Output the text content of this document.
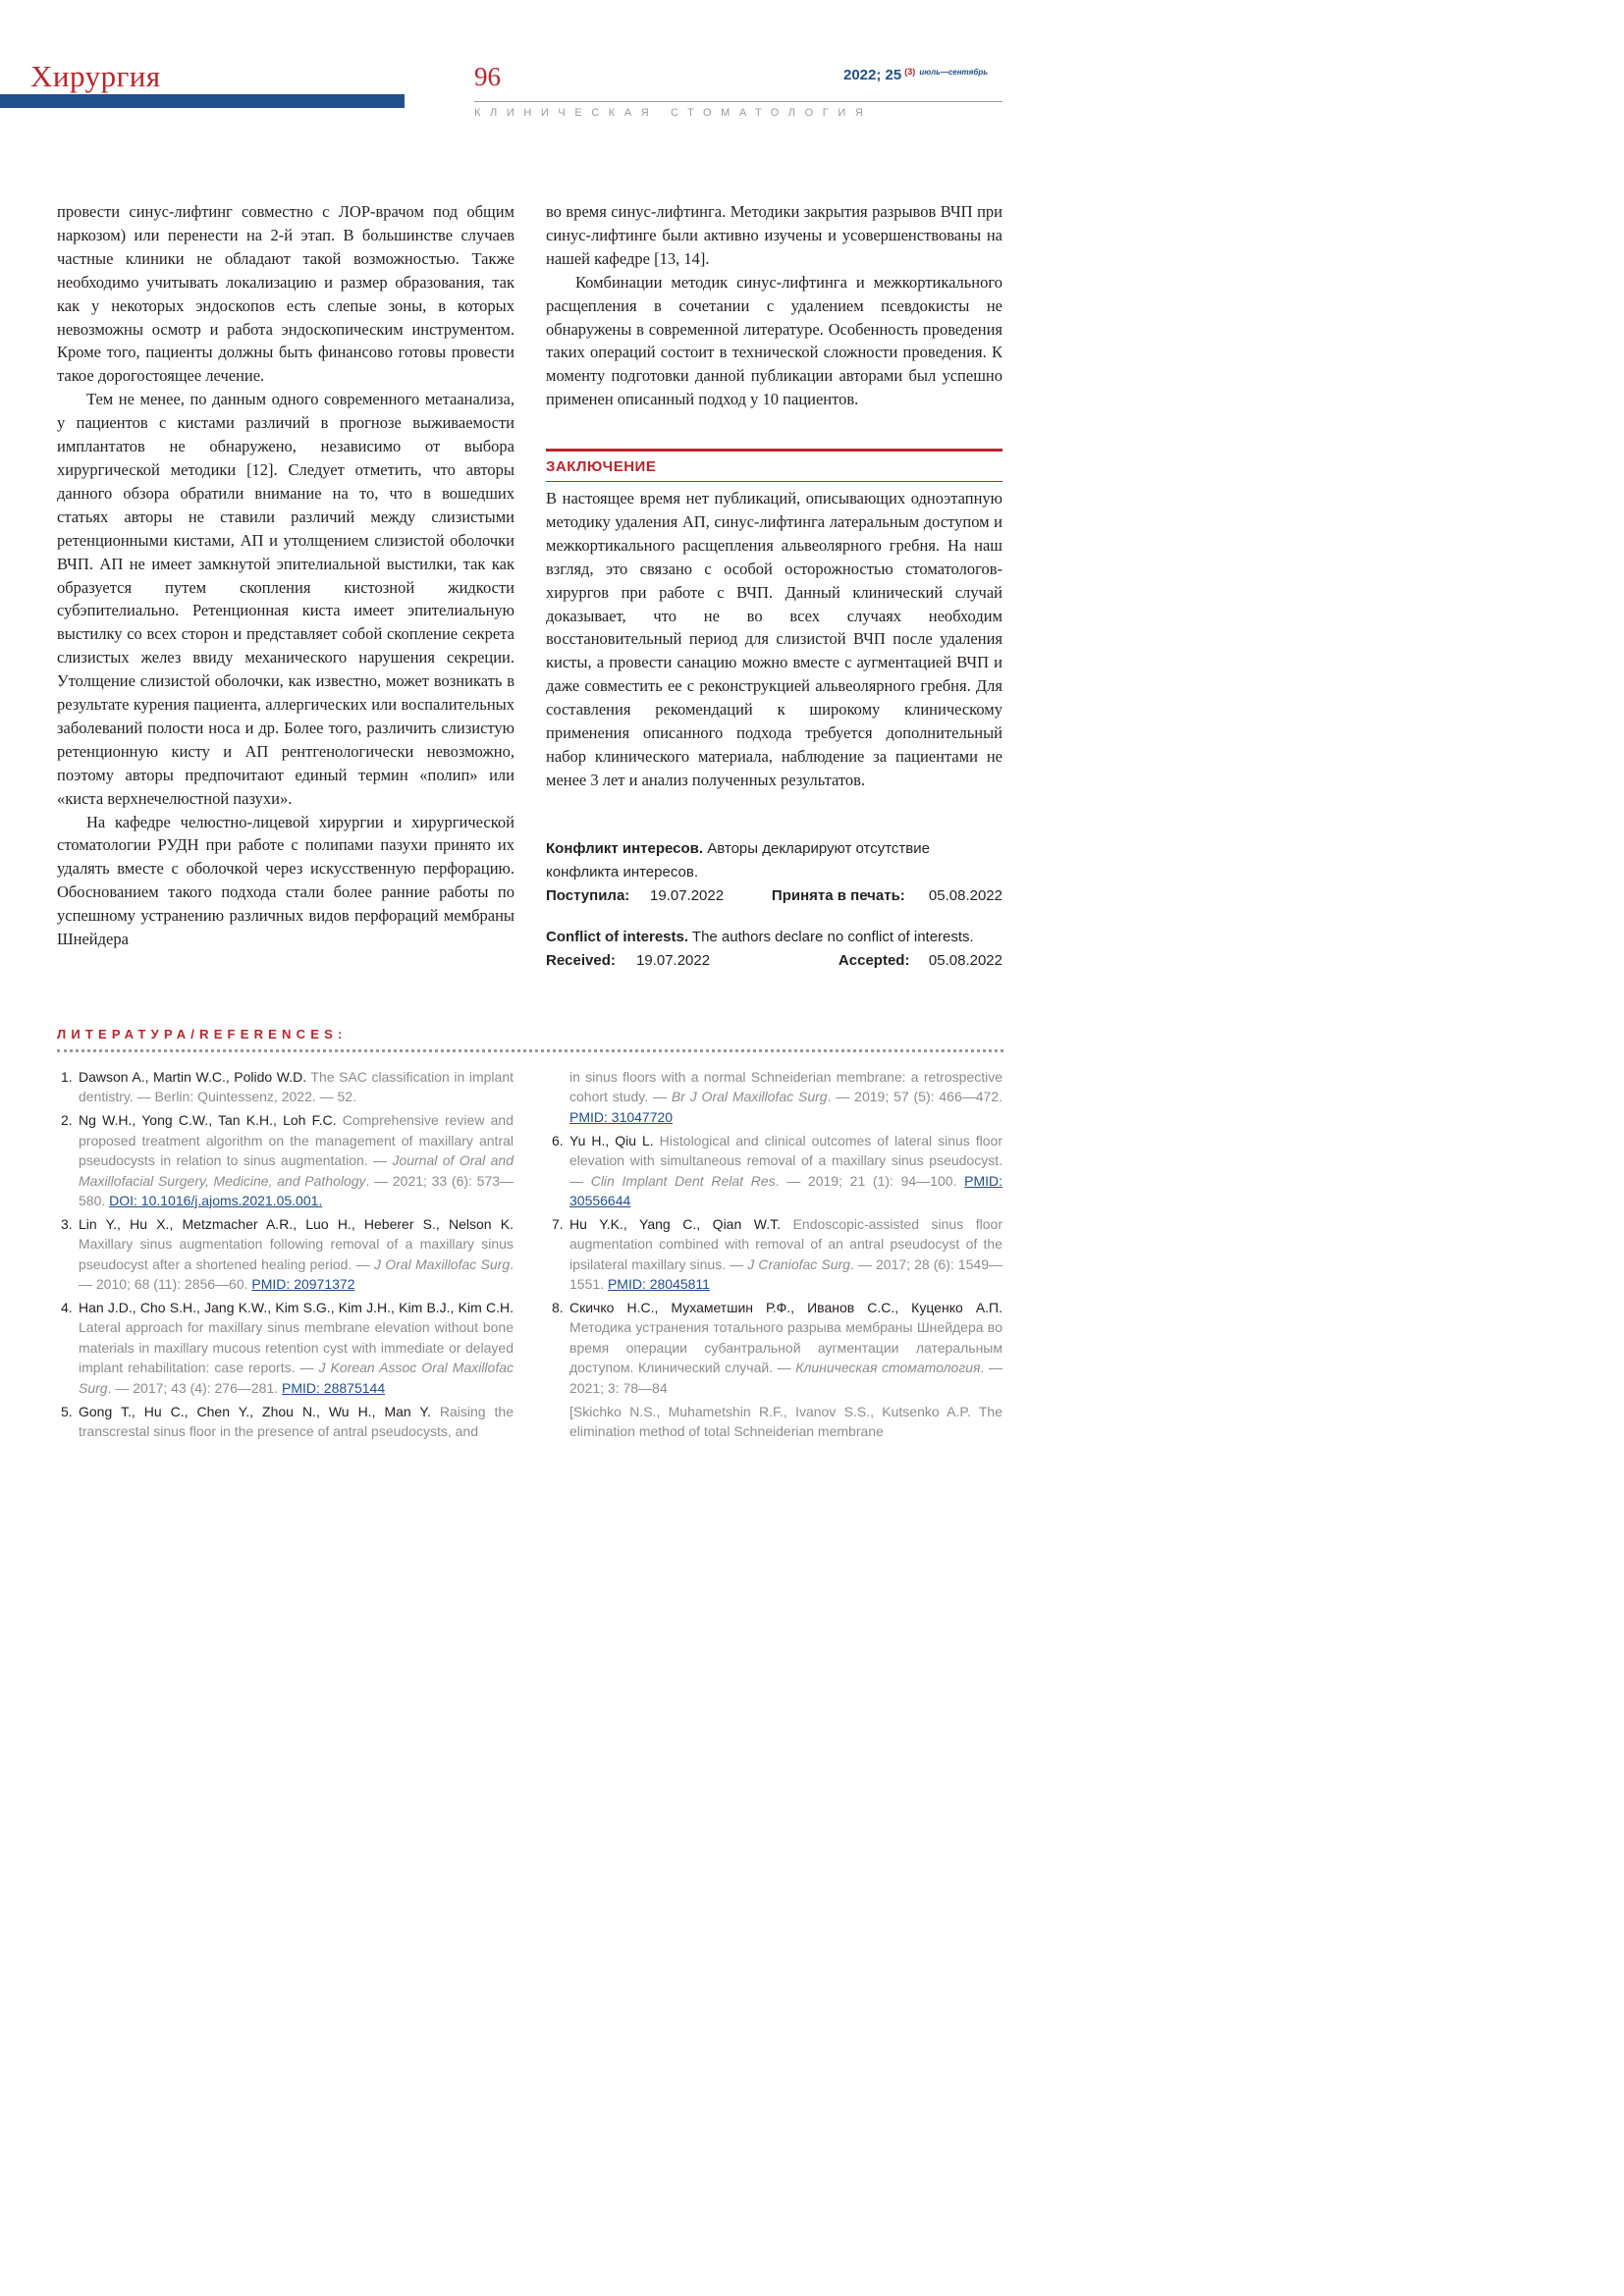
Хирургия	96	2022; 25 $^{(3)}$ $^{июль—сентябрь}$
КЛИНИЧЕСКАЯ СТОМАТОЛОГИЯ

провести синус-лифтинг совместно с ЛОР-врачом под общим наркозом) или перенести на 2-й этап. В большинстве случаев частные клиники не обладают такой возможностью. Также необходимо учитывать локализацию и размер образования, так как у некоторых эндоскопов есть слепые зоны, в которых невозможны осмотр и работа эндоскопическим инструментом. Кроме того, пациенты должны быть финансово готовы провести такое дорогостоящее лечение.

Тем не менее, по данным одного современного метаанализа, у пациентов с кистами различий в прогнозе выживаемости имплантатов не обнаружено, независимо от выбора хирургической методики [12]. Следует отметить, что авторы данного обзора обратили внимание на то, что в вошедших статьях авторы не ставили различий между слизистыми ретенционными кистами, АП и утолщением слизистой оболочки ВЧП. АП не имеет замкнутой эпителиальной выстилки, так как образуется путем скопления кистозной жидкости субэпителиально. Ретенционная киста имеет эпителиальную выстилку со всех сторон и представляет собой скопление секрета слизистых желез ввиду механического нарушения секреции. Утолщение слизистой оболочки, как известно, может возникать в результате курения пациента, аллергических или воспалительных заболеваний полости носа и др. Более того, различить слизистую ретенционную кисту и АП рентгенологически невозможно, поэтому авторы предпочитают единый термин «полип» или «киста верхнечелюстной пазухи».

На кафедре челюстно-лицевой хирургии и хирургической стоматологии РУДН при работе с полипами пазухи принято их удалять вместе с оболочкой через искусственную перфорацию. Обоснованием такого подхода стали более ранние работы по успешному устранению различных видов перфораций мембраны Шнейдера

во время синус-лифтинга. Методики закрытия разрывов ВЧП при синус-лифтинге были активно изучены и усовершенствованы на нашей кафедре [13, 14].

Комбинации методик синус-лифтинга и межкортикального расщепления в сочетании с удалением псевдокисты не обнаружены в современной литературе. Особенность проведения таких операций состоит в технической сложности проведения. К моменту подготовки данной публикации авторами был успешно применен описанный подход у 10 пациентов.

ЗАКЛЮЧЕНИЕ

В настоящее время нет публикаций, описывающих одноэтапную методику удаления АП, синус-лифтинга латеральным доступом и межкортикального расщепления альвеолярного гребня. На наш взгляд, это связано с особой осторожностью стоматологов-хирургов при работе с ВЧП. Данный клинический случай доказывает, что не во всех случаях необходим восстановительный период для слизистой ВЧП после удаления кисты, а провести санацию можно вместе с аугментацией ВЧП и даже совместить ее с реконструкцией альвеолярного гребня. Для составления рекомендаций к широкому клиническому применения описанного подхода требуется дополнительный набор клинического материала, наблюдение за пациентами не менее 3 лет и анализ полученных результатов.

Конфликт интересов. Авторы декларируют отсутствие конфликта интересов.
Поступила:	19.07.2022	Принята в печать:	05.08.2022
Conflict of interests. The authors declare no conflict of interests.
Received:	19.07.2022	Accepted:	05.08.2022
ЛИТЕРАТУРА/REFERENCES:
1. Dawson A., Martin W.C., Polido W.D. The SAC classification in implant dentistry. — Berlin: Quintessenz, 2022. — 52.
2. Ng W.H., Yong C.W., Tan K.H., Loh F.C. Comprehensive review and proposed treatment algorithm on the management of maxillary antral pseudocysts in relation to sinus augmentation. — Journal of Oral and Maxillofacial Surgery, Medicine, and Pathology. — 2021; 33 (6): 573—580. DOI: 10.1016/j.ajoms.2021.05.001.
3. Lin Y., Hu X., Metzmacher A.R., Luo H., Heberer S., Nelson K. Maxillary sinus augmentation following removal of a maxillary sinus pseudocyst after a shortened healing period. — J Oral Maxillofac Surg. — 2010; 68 (11): 2856—60. PMID: 20971372
4. Han J.D., Cho S.H., Jang K.W., Kim S.G., Kim J.H., Kim B.J., Kim C.H. Lateral approach for maxillary sinus membrane elevation without bone materials in maxillary mucous retention cyst with immediate or delayed implant rehabilitation: case reports. — J Korean Assoc Oral Maxillofac Surg. — 2017; 43 (4): 276—281. PMID: 28875144
5. Gong T., Hu C., Chen Y., Zhou N., Wu H., Man Y. Raising the transcrestal sinus floor in the presence of antral pseudocysts, and
in sinus floors with a normal Schneiderian membrane: a retrospective cohort study. — Br J Oral Maxillofac Surg. — 2019; 57 (5): 466—472. PMID: 31047720
6. Yu H., Qiu L. Histological and clinical outcomes of lateral sinus floor elevation with simultaneous removal of a maxillary sinus pseudocyst. — Clin Implant Dent Relat Res. — 2019; 21 (1): 94—100. PMID: 30556644
7. Hu Y.K., Yang C., Qian W.T. Endoscopic-assisted sinus floor augmentation combined with removal of an antral pseudocyst of the ipsilateral maxillary sinus. — J Craniofac Surg. — 2017; 28 (6): 1549—1551. PMID: 28045811
8. Скичко Н.С., Мухаметшин Р.Ф., Иванов С.С., Куценко А.П. Методика устранения тотального разрыва мембраны Шнейдера во время операции субантральной аугментации латеральным доступом. Клинический случай. — Клиническая стоматология. — 2021; 3: 78—84
[Skichko N.S., Muhametshin R.F., Ivanov S.S., Kutsenko A.P. The elimination method of total Schneiderian membrane
